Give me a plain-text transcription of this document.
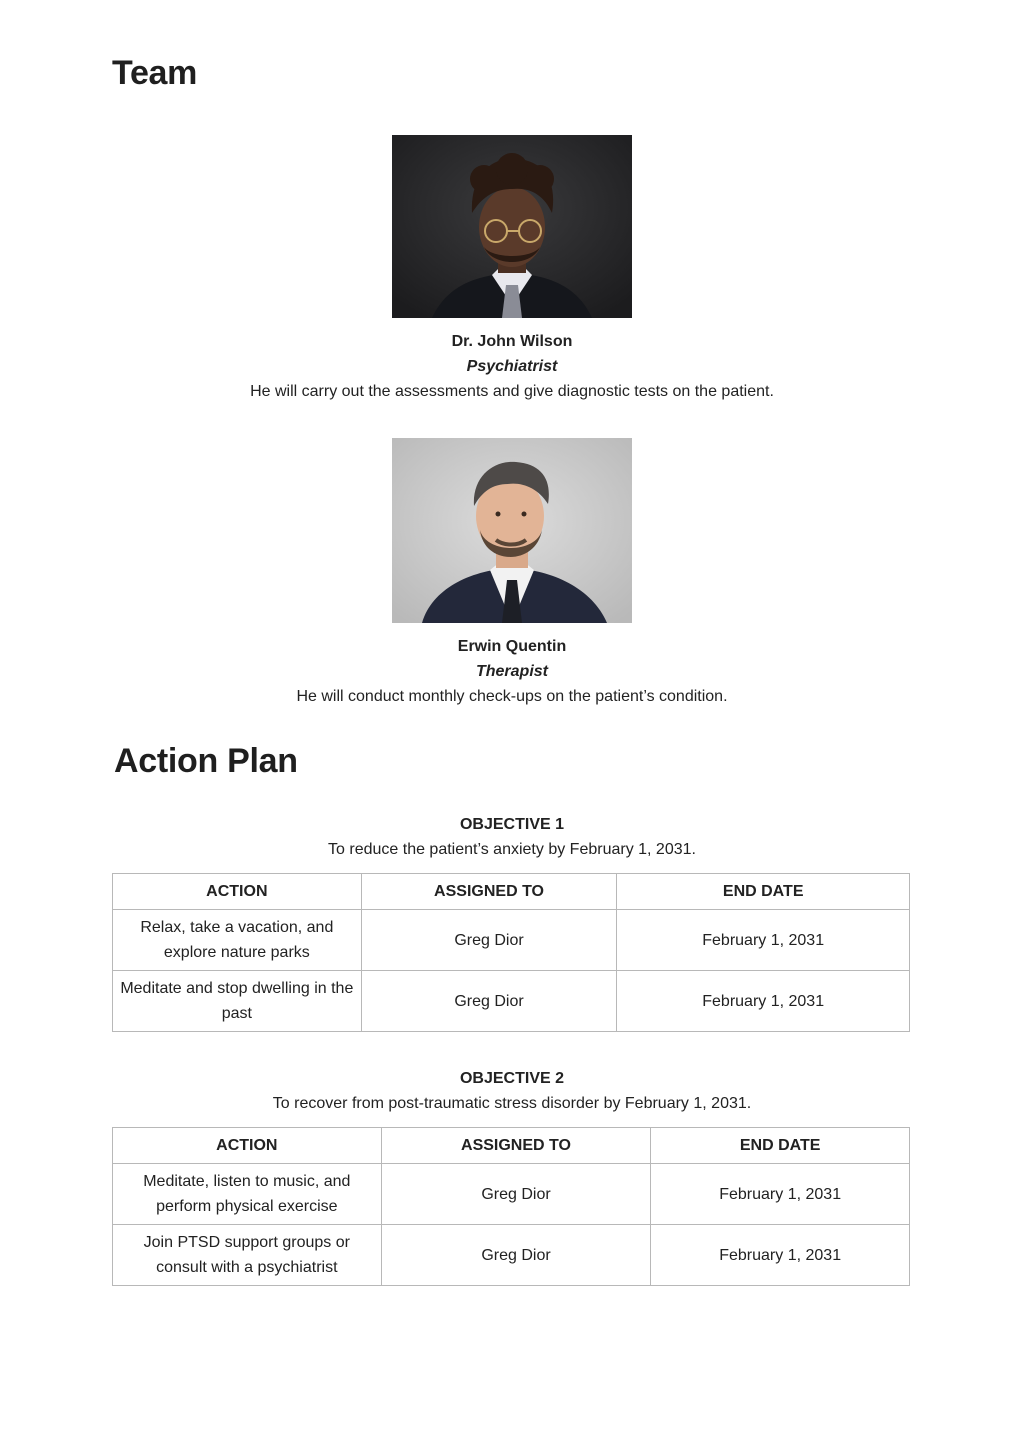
Team
Dr. John Wilson
Psychiatrist
He will carry out the assessments and give diagnostic tests on the patient.
Erwin Quentin
Therapist
He will conduct monthly check-ups on the patient’s condition.
Action Plan
OBJECTIVE 1
To reduce the patient’s anxiety by February 1, 2031.
ACTION	ASSIGNED TO	END DATE
Relax, take a vacation, and explore nature parks	Greg Dior	February 1, 2031
Meditate and stop dwelling in the past	Greg Dior	February 1, 2031
OBJECTIVE 2
To recover from post-traumatic stress disorder by February 1, 2031.
ACTION	ASSIGNED TO	END DATE
Meditate, listen to music, and perform physical exercise	Greg Dior	February 1, 2031
Join PTSD support groups or consult with a psychiatrist	Greg Dior	February 1, 2031
